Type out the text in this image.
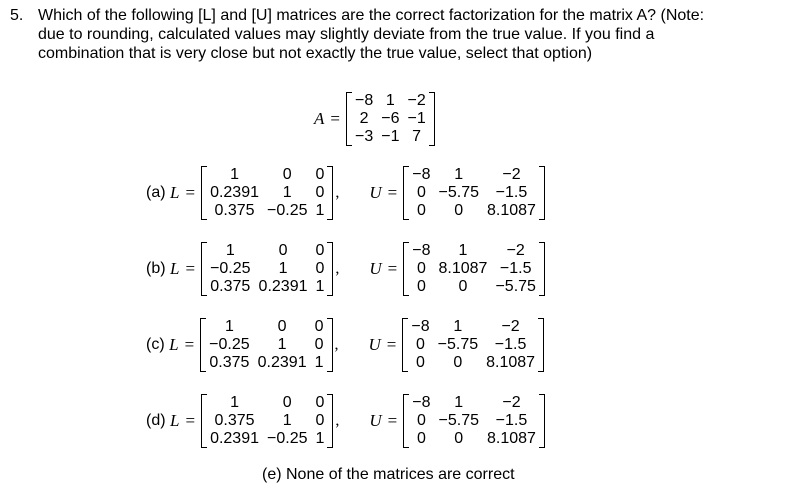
5. Which of the following [L] and [U] matrices are the correct factorization for the matrix A? (Note:
due to rounding, calculated values may slightly deviate from the true value. If you find a
combination that is very close but not exactly the true value, select that option)
A =
−8	1	−2
2	−6	−1
−3	−1	7
(a) L =
1	0	0
0.2391	1	0
0.375	−0.25	1
, U =
−8	1	−2
0	−5.75	−1.5
0	0	8.1087
(b) L =
1	0	0
−0.25	1	0
0.375	0.2391	1
, U =
−8	1	−2
0	8.1087	−1.5
0	0	−5.75
(c) L =
1	0	0
−0.25	1	0
0.375	0.2391	1
, U =
−8	1	−2
0	−5.75	−1.5
0	0	8.1087
(d) L =
1	0	0
0.375	1	0
0.2391	−0.25	1
, U =
−8	1	−2
0	−5.75	−1.5
0	0	8.1087
(e) None of the matrices are correct
